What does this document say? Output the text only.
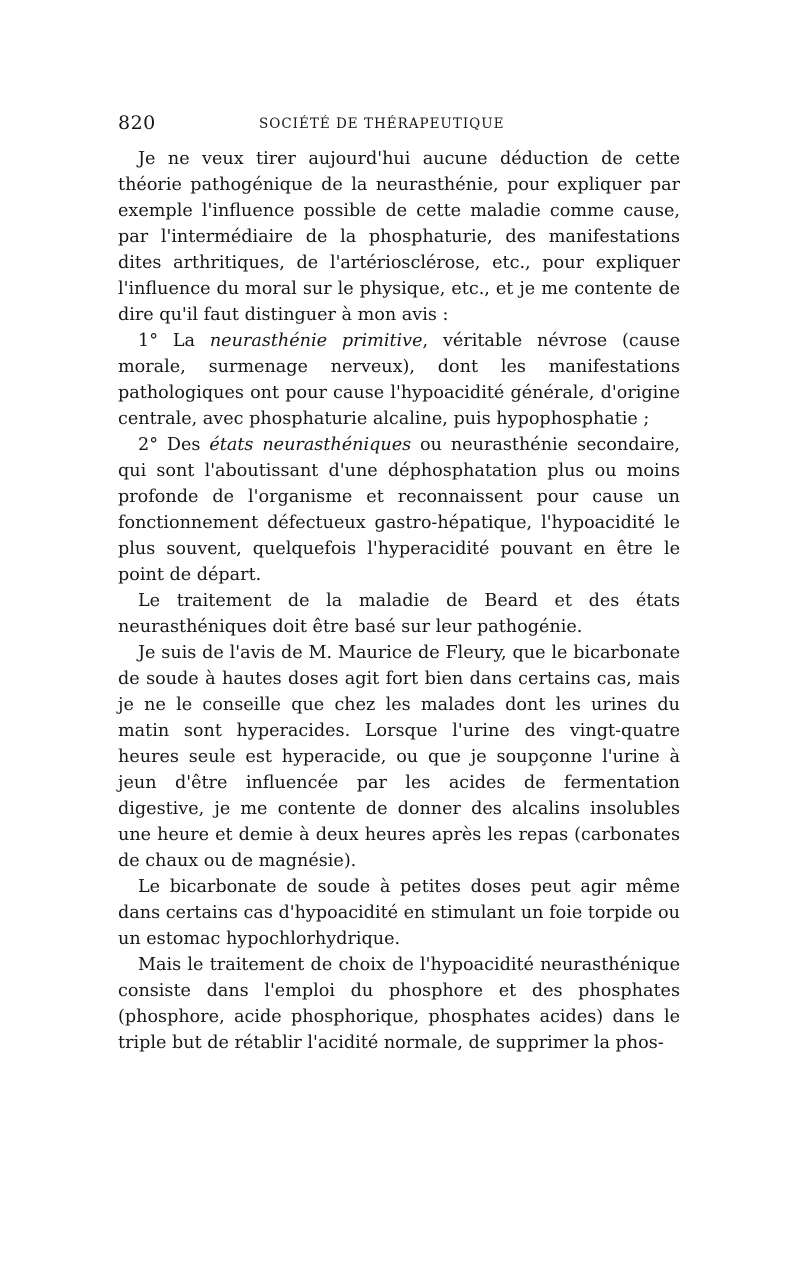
820	SOCIÉTÉ DE THÉRAPEUTIQUE

Je ne veux tirer aujourd'hui aucune déduction de cette théorie pathogénique de la neurasthénie, pour expliquer par exemple l'influence possible de cette maladie comme cause, par l'intermédiaire de la phosphaturie, des manifestations dites arthritiques, de l'artériosclérose, etc., pour expliquer l'influence du moral sur le physique, etc., et je me contente de dire qu'il faut distinguer à mon avis :

1° La neurasthénie primitive, véritable névrose (cause morale, surmenage nerveux), dont les manifestations pathologiques ont pour cause l'hypoacidité générale, d'origine centrale, avec phosphaturie alcaline, puis hypophosphatie ;

2° Des états neurasthéniques ou neurasthénie secondaire, qui sont l'aboutissant d'une déphosphatation plus ou moins profonde de l'organisme et reconnaissent pour cause un fonctionnement défectueux gastro-hépatique, l'hypoacidité le plus souvent, quelquefois l'hyperacidité pouvant en être le point de départ.

Le traitement de la maladie de Beard et des états neurasthéniques doit être basé sur leur pathogénie.

Je suis de l'avis de M. Maurice de Fleury, que le bicarbonate de soude à hautes doses agit fort bien dans certains cas, mais je ne le conseille que chez les malades dont les urines du matin sont hyperacides. Lorsque l'urine des vingt-quatre heures seule est hyperacide, ou que je soupçonne l'urine à jeun d'être influencée par les acides de fermentation digestive, je me contente de donner des alcalins insolubles une heure et demie à deux heures après les repas (carbonates de chaux ou de magnésie).

Le bicarbonate de soude à petites doses peut agir même dans certains cas d'hypoacidité en stimulant un foie torpide ou un estomac hypochlorhydrique.

Mais le traitement de choix de l'hypoacidité neurasthénique consiste dans l'emploi du phosphore et des phosphates (phosphore, acide phosphorique, phosphates acides) dans le triple but de rétablir l'acidité normale, de supprimer la phos-
